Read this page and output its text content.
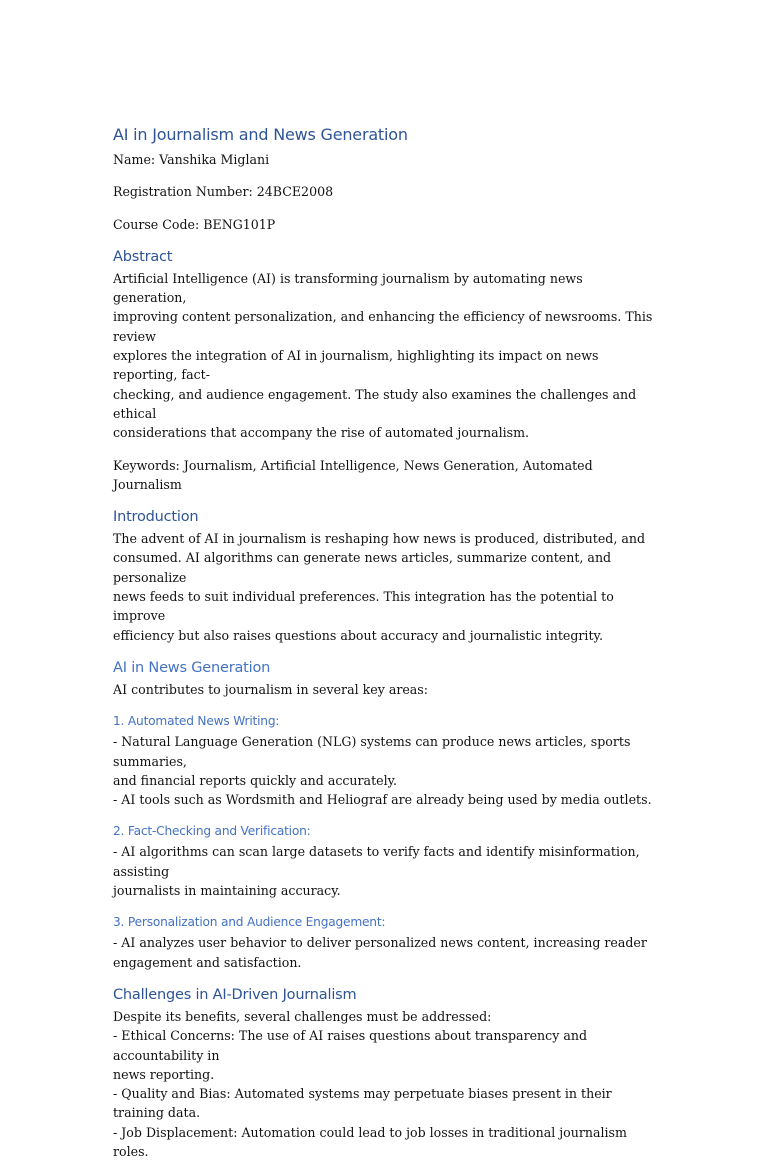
AI in Journalism and News Generation

Name: Vanshika Miglani

Registration Number: 24BCE2008

Course Code: BENG101P

Abstract

Artificial Intelligence (AI) is transforming journalism by automating news generation,
improving content personalization, and enhancing the efficiency of newsrooms. This review
explores the integration of AI in journalism, highlighting its impact on news reporting, fact-
checking, and audience engagement. The study also examines the challenges and ethical
considerations that accompany the rise of automated journalism.

Keywords: Journalism, Artificial Intelligence, News Generation, Automated Journalism

Introduction

The advent of AI in journalism is reshaping how news is produced, distributed, and
consumed. AI algorithms can generate news articles, summarize content, and personalize
news feeds to suit individual preferences. This integration has the potential to improve
efficiency but also raises questions about accuracy and journalistic integrity.

AI in News Generation

AI contributes to journalism in several key areas:

1. Automated News Writing:

- Natural Language Generation (NLG) systems can produce news articles, sports summaries,
and financial reports quickly and accurately.
- AI tools such as Wordsmith and Heliograf are already being used by media outlets.

2. Fact-Checking and Verification:

- AI algorithms can scan large datasets to verify facts and identify misinformation, assisting
journalists in maintaining accuracy.

3. Personalization and Audience Engagement:

- AI analyzes user behavior to deliver personalized news content, increasing reader
engagement and satisfaction.

Challenges in AI-Driven Journalism

Despite its benefits, several challenges must be addressed:
- Ethical Concerns: The use of AI raises questions about transparency and accountability in
news reporting.
- Quality and Bias: Automated systems may perpetuate biases present in their training data.
- Job Displacement: Automation could lead to job losses in traditional journalism roles.
